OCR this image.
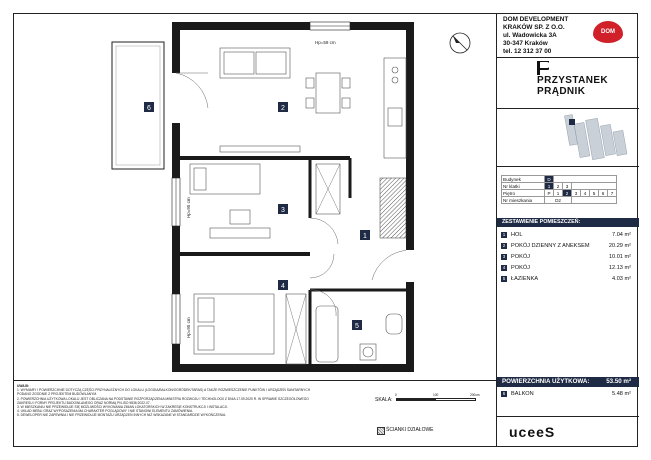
6	2
3
1
4
5
Hp=59 cm
Hp=95 cm
Hp=95 cm
DOM DEVELOPMENT
KRAKÓW SP. Z O.O.
ul. Wadowicka 3A
30-347 Kraków
tel. 12 312 37 00
DOM
PRZYSTANEK
PRĄDNIK
Budynek	D							
Nr klatki	1	2	3					
Piętro	P	1	2	3	4	5	6	7
Nr mieszkania	D2							
ZESTAWIENIE POMIESZCZEŃ:
1	HOL	7.04 m²
2	POKÓJ DZIENNY Z ANEKSEM	20.29 m²
3	POKÓJ	10.01 m²
4	POKÓJ	12.13 m²
5	ŁAZIENKA	4.03 m²
POWIERZCHNIA UŻYTKOWA:	53.50 m²
6	BALKON	5.48 m²
UWAGI:
1. WYMIARY I POWIERZCHNIE DOTYCZĄ CZĘŚCI PRZYNALEŻNYCH DO LOKALU (LOGGIA/BALKON/OGRÓDEK/TARAS) A TAKŻE ROZMIESZCZENIE PUNKTÓW I URZĄDZEŃ SANITARNYCH PODANO ZGODNIE Z PROJEKTEM BUDOWLANYM.
2. POWIERZCHNIA UŻYTKOWA LOKALU JEST OBLICZANA NA PODSTAWIE ROZPORZĄDZENIA MINISTRA ROZWOJU I TECHNOLOGII Z DNIA 17.09.2020 R. W SPRAWIE SZCZEGÓŁOWEGO ZAKRESU I FORMY PROJEKTU BUDOWLANEGO ORAZ NORMĄ PN-ISO 9836:2022-07.
3. W MIESZKANIU NIE PRZEWIDUJE SIĘ MOŻLIWOŚCI WYKONANIA ZMIAN LOKATORSKICH W ZAKRESIE KONSTRUKCJI I INSTALACJI.
4. UKŁAD MEBLI ORAZ WYPOSAŻENIA MA CHARAKTER POGLĄDOWY I NIE STANOWI ELEMENTU ZAMÓWIENIA.
5. DEWELOPER NIE ZAPEWNIA I NIE PRZEWIDUJE MONTAŻU URZĄDZEŃ INNYCH NIŻ WSKAZANE W STANDARDZIE WYKOŃCZENIA.
SKALA:
0	100	200cm
ŚCIANKI DZIAŁOWE	uceeS
